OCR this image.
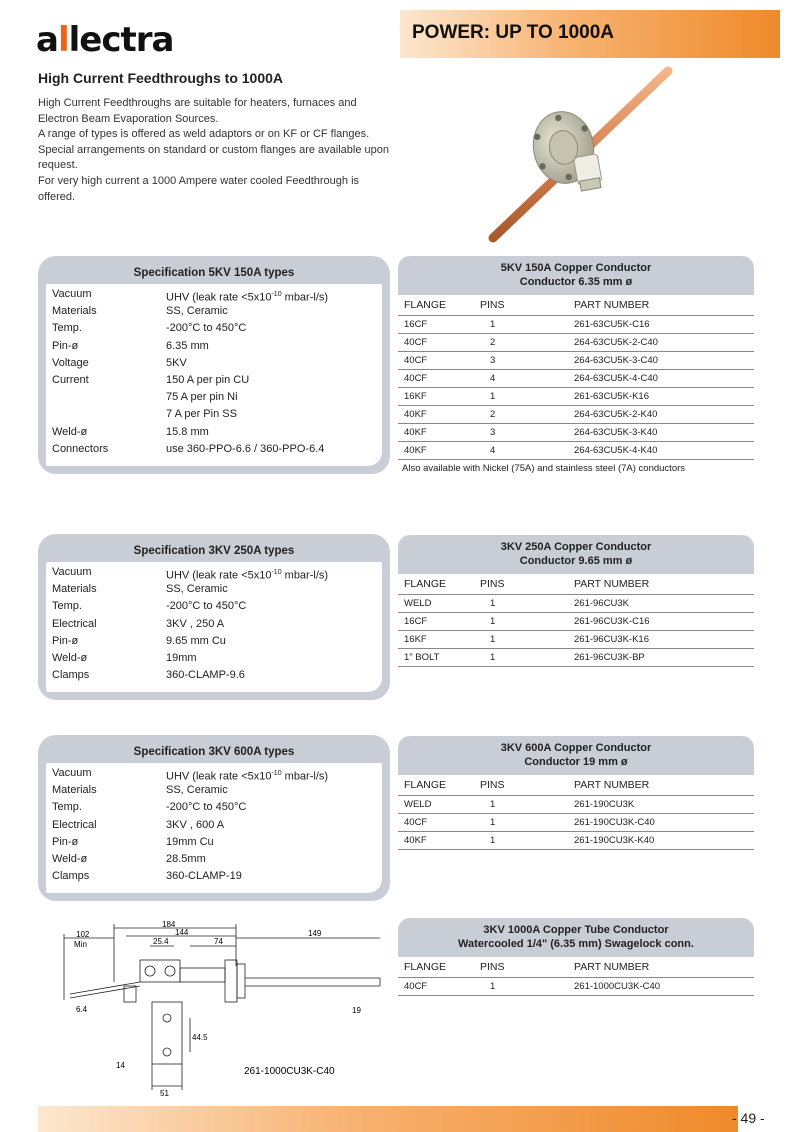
allectra	POWER: UP TO 1000A
High Current Feedthroughs to 1000A

High Current Feedthroughs are suitable for heaters, furnaces and Electron Beam Evaporation Sources.

A range of types is offered as weld adaptors or on KF or CF flanges.

Special arrangements on standard or custom flanges are available upon request.

For very high current a 1000 Ampere water cooled Feedthrough is offered.

Specification 5KV 150A types
Vacuum	UHV (leak rate $<5x10^{-10}$ mbar-l/s)
Materials	SS, Ceramic
Temp.	-200°C to 450°C
Pin-ø	6.35 mm
Voltage	5KV
Current	150 A per pin CU
75 A per pin Ni
7 A per Pin SS
Weld-ø	15.8 mm
Connectors	use 360-PPO-6.6 / 360-PPO-6.4
Specification 3KV 250A types
Vacuum	UHV (leak rate $<5x10^{-10}$ mbar-l/s)
Materials	SS, Ceramic
Temp.	-200°C to 450°C
Electrical	3KV , 250 A
Pin-ø	9.65 mm Cu
Weld-ø	19mm
Clamps	360-CLAMP-9.6
Specification 3KV 600A types
Vacuum	UHV (leak rate $<5x10^{-10}$ mbar-l/s)
Materials	SS, Ceramic
Temp.	-200°C to 450°C
Electrical	3KV , 600 A
Pin-ø	19mm Cu
Weld-ø	28.5mm
Clamps	360-CLAMP-19
5KV 150A Copper Conductor
Conductor 6.35 mm ø
FLANGE	PINS	PART NUMBER
16CF	1	261-63CU5K-C16
40CF	2	264-63CU5K-2-C40
40CF	3	264-63CU5K-3-C40
40CF	4	264-63CU5K-4-C40
16KF	1	261-63CU5K-K16
40KF	2	264-63CU5K-2-K40
40KF	3	264-63CU5K-3-K40
40KF	4	264-63CU5K-4-K40
Also available with Nickel (75A) and stainless steel (7A) conductors
3KV 250A Copper Conductor
Conductor 9.65 mm ø
FLANGE	PINS	PART NUMBER
WELD	1	261-96CU3K
16CF	1	261-96CU3K-C16
16KF	1	261-96CU3K-K16
1" BOLT	1	261-96CU3K-BP
3KV 600A Copper Conductor
Conductor 19 mm ø
FLANGE	PINS	PART NUMBER
WELD	1	261-190CU3K
40CF	1	261-190CU3K-C40
40KF	1	261-190CU3K-K40
3KV 1000A Copper Tube Conductor
Watercooled 1/4" (6.35 mm) Swagelock conn.
FLANGE	PINS	PART NUMBER
40CF	1	261-1000CU3K-C40
184
144
102
Min	25.4	74
149
6.4	19
44.5
14
51
261-1000CU3K-C40
- 49 -
